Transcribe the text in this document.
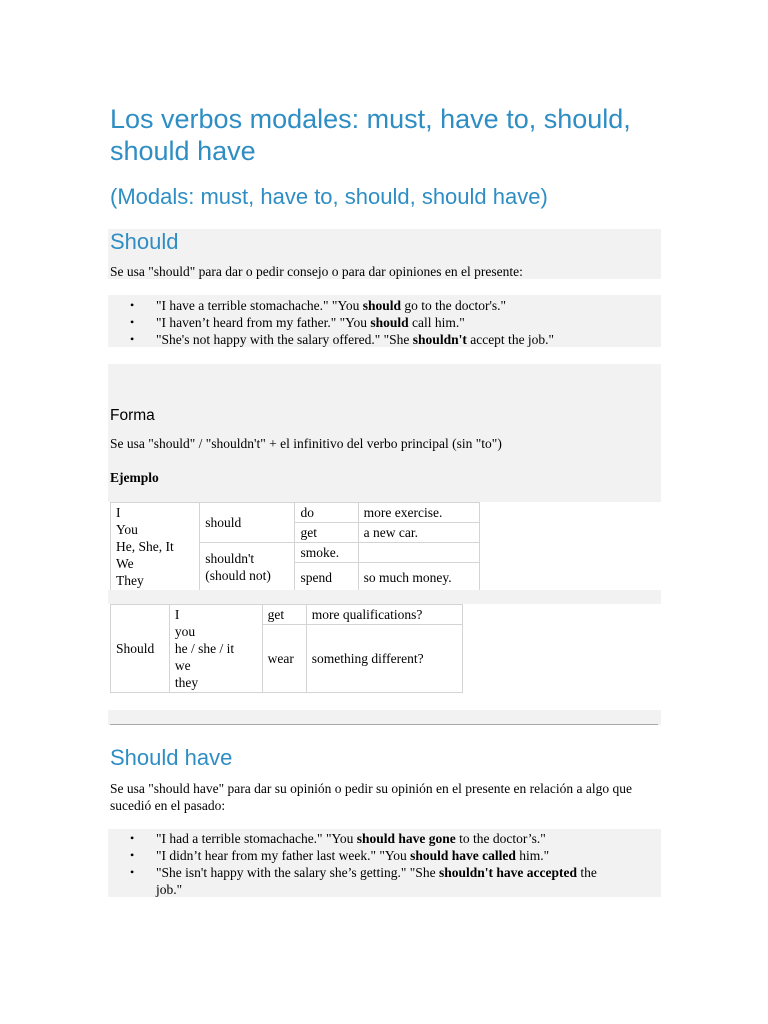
Los verbos modales: must, have to, should, should have
(Modals: must, have to, should, should have)
Should

Se usa "should" para dar o pedir consejo o para dar opiniones en el presente:

• "I have a terrible stomachache." "You should go to the doctor's."
• "I haven’t heard from my father." "You should call him."
• "She's not happy with the salary offered." "She shouldn't accept the job."
Forma

Se usa "should" / "shouldn't" + el infinitivo del verbo principal (sin "to")

Ejemplo

I
You
He, She, It
We
They	should	do	more exercise.
		get	a new car.

	shouldn't
(should not)	smoke.	
		spend	so much money.
Should	I
you
he / she / it
we
they	get	more qualifications?
		wear	something different?
Should have

Se usa "should have" para dar su opinión o pedir su opinión en el presente en relación a algo que sucedió en el pasado:

• "I had a terrible stomachache." "You should have gone to the doctor’s."
• "I didn’t hear from my father last week." "You should have called him."
• "She isn't happy with the salary she’s getting." "She shouldn't have accepted the job."
